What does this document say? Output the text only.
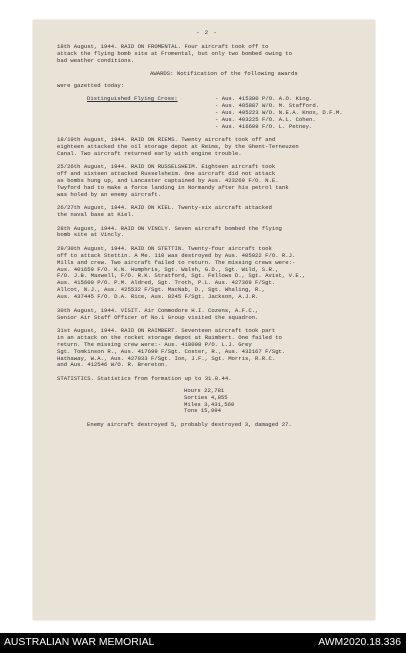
- 2 -
18th August, 1944. RAID ON FROMENTAL. Four aircraft took off to
attack the flying bomb site at Fromental, but only two bombed owing to
bad weather conditions.
AWARDS: Notification of the following awards
were gazetted today:
Distinguished Flying Cross:	- Aus. 415380 P/O. A.O. King.
- Aus. 405887 W/O. M. Stafford.
- Aus. 405223 W/O. N.E.A. Knox, D.F.M.
- Aus. 403225 F/O. A.L. Cohen.
- Aus. 416609 F/O. L. Petney.
18/19th August, 1944. RAID ON RIEMS. Twenty aircraft took off and
eighteen attacked the oil storage depot at Reims, by the Ghent-Terneuzen
Canal. Two aircraft returned early with engine trouble.
25/26th August, 1944. RAID ON RUSSELSHEIM. Eighteen aircraft took
off and sixteen attacked Russelsheim. One aircraft did not attack
as bombs hung up, and Lancaster captained by Aus. 423269 F/O. N.E.
Twyford had to make a force landing in Normandy after his petrol tank
was holed by an enemy aircraft.
26/27th August, 1944. RAID ON KIEL. Twenty-six aircraft attacked
the naval base at Kiel.
28th August, 1944. RAID ON VINCLY. Seven aircraft bombed the flying
bomb site at Vincly.
29/30th August, 1944. RAID ON STETTIN. Twenty-four aircraft took
off to attack Stettin. A Me. 110 was destroyed by Aus. 405922 F/O. R.J.
Mills and crew. Two aircraft failed to return. The missing crews were:-
Aus. 401659 F/O. K.N. Humphris, Sgt. Walsh, G.D., Sgt. Wild, S.R.,
F/O. J.B. Maxwell, F/O. R.K. Stratford, Sgt. Fellows D., Sgt. Avist, V.E.,
Aus. 415600 P/O. P.M. Aldred, Sgt. Troth, P.L. Aus. 427369 F/Sgt.
Allcot, N.J., Aus. 425532 F/Sgt. MacNab, D., Sgt. Whaling, R.,
Aus. 437445 F/O. D.A. Rice, Aus. 8245 F/Sgt. Jackson, A.J.R.
30th August, 1944. VISIT. Air Commodore H.I. Cozens, A.F.C.,
Senior Air Staff Officer of No.1 Group visited the squadron.
31st August, 1944. RAID ON RAIMBERT. Seventeen aircraft took part
in an attack on the rocket storage depot at Raimbert. One failed to
return. The missing crew were:- Aus. 418098 P/O. L.J. Grey
Sgt. Tomkinson R., Aus. 417699 F/Sgt. Coster, R., Aus. 432167 F/Sgt.
Hathaway, W.A., Aus. 427033 F/Sgt. Ion, J.F., Sgt. Morris, R.R.C.
and Aus. 412546 W/O. R. Brereton.
STATISTICS. Statistics from formation up to 31.8.44.
Hours 22,781
Sorties 4,855
Miles 3,431,560
Tons 15,994
Enemy aircraft destroyed 5, probably destroyed 3, damaged 27.
AUSTRALIAN WAR MEMORIAL	AWM2020.18.336
